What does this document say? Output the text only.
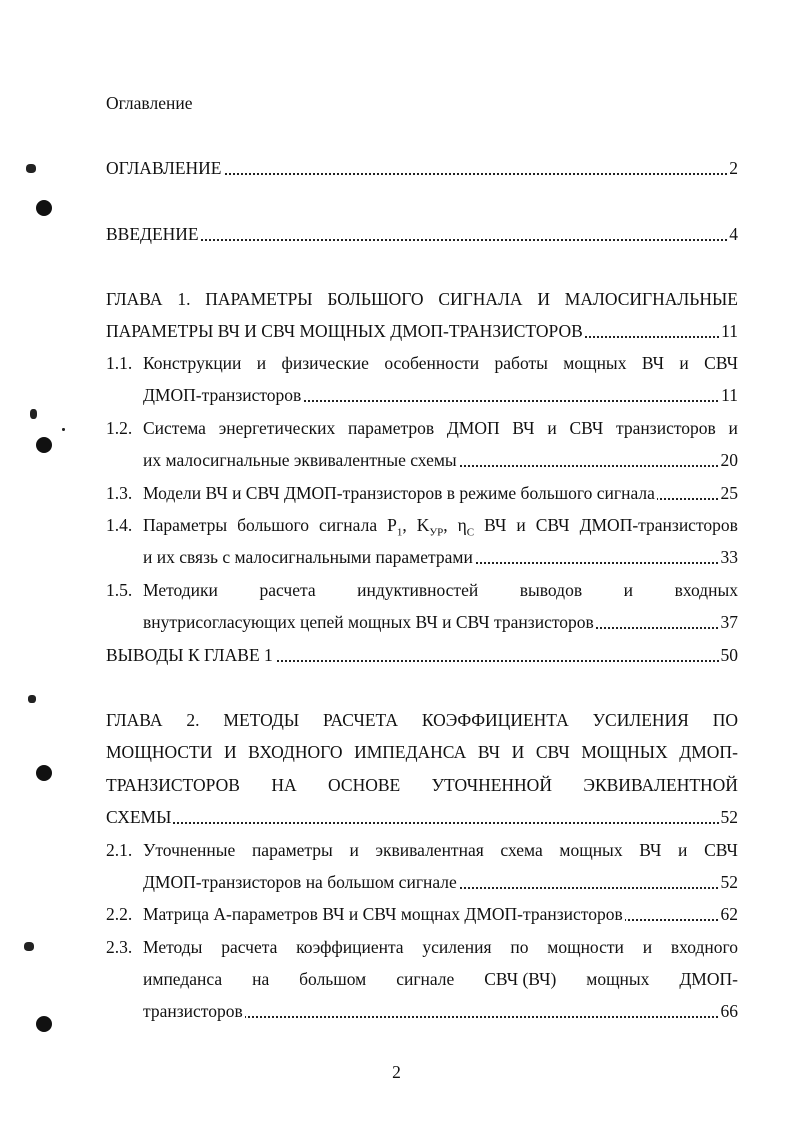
Оглавление
ОГЛАВЛЕНИЕ	2
ВВЕДЕНИЕ	4
ГЛАВА 1. ПАРАМЕТРЫ БОЛЬШОГО СИГНАЛА И МАЛОСИГНАЛЬНЫЕ
ПАРАМЕТРЫ ВЧ И СВЧ МОЩНЫХ ДМОП-ТРАНЗИСТОРОВ	11
1.1. Конструкции и физические особенности работы мощных ВЧ и СВЧ
ДМОП-транзисторов	11
1.2. Система энергетических параметров ДМОП ВЧ и СВЧ транзисторов и
их малосигнальные эквивалентные схемы	20
1.3. Модели ВЧ и СВЧ ДМОП-транзисторов в режиме большого сигнала	25
1.4. Параметры большого сигнала $P_1$, $K_{УР}$, $\eta_C$ ВЧ и СВЧ ДМОП-транзисторов
и их связь с малосигнальными параметрами	33
1.5. Методики расчета индуктивностей выводов и входных
внутрисогласующих цепей мощных ВЧ и СВЧ транзисторов	37
ВЫВОДЫ К ГЛАВЕ 1	50
ГЛАВА 2. МЕТОДЫ РАСЧЕТА КОЭФФИЦИЕНТА УСИЛЕНИЯ ПО
МОЩНОСТИ И ВХОДНОГО ИМПЕДАНСА ВЧ И СВЧ МОЩНЫХ ДМОП-
ТРАНЗИСТОРОВ НА ОСНОВЕ УТОЧНЕННОЙ ЭКВИВАЛЕНТНОЙ
СХЕМЫ	52
2.1. Уточненные параметры и эквивалентная схема мощных ВЧ и СВЧ
ДМОП-транзисторов на большом сигнале	52
2.2. Матрица А-параметров ВЧ и СВЧ мощнах ДМОП-транзисторов	62
2.3. Методы расчета коэффициента усиления по мощности и входного
импеданса на большом сигнале СВЧ (ВЧ) мощных ДМОП-
транзисторов	66
2
